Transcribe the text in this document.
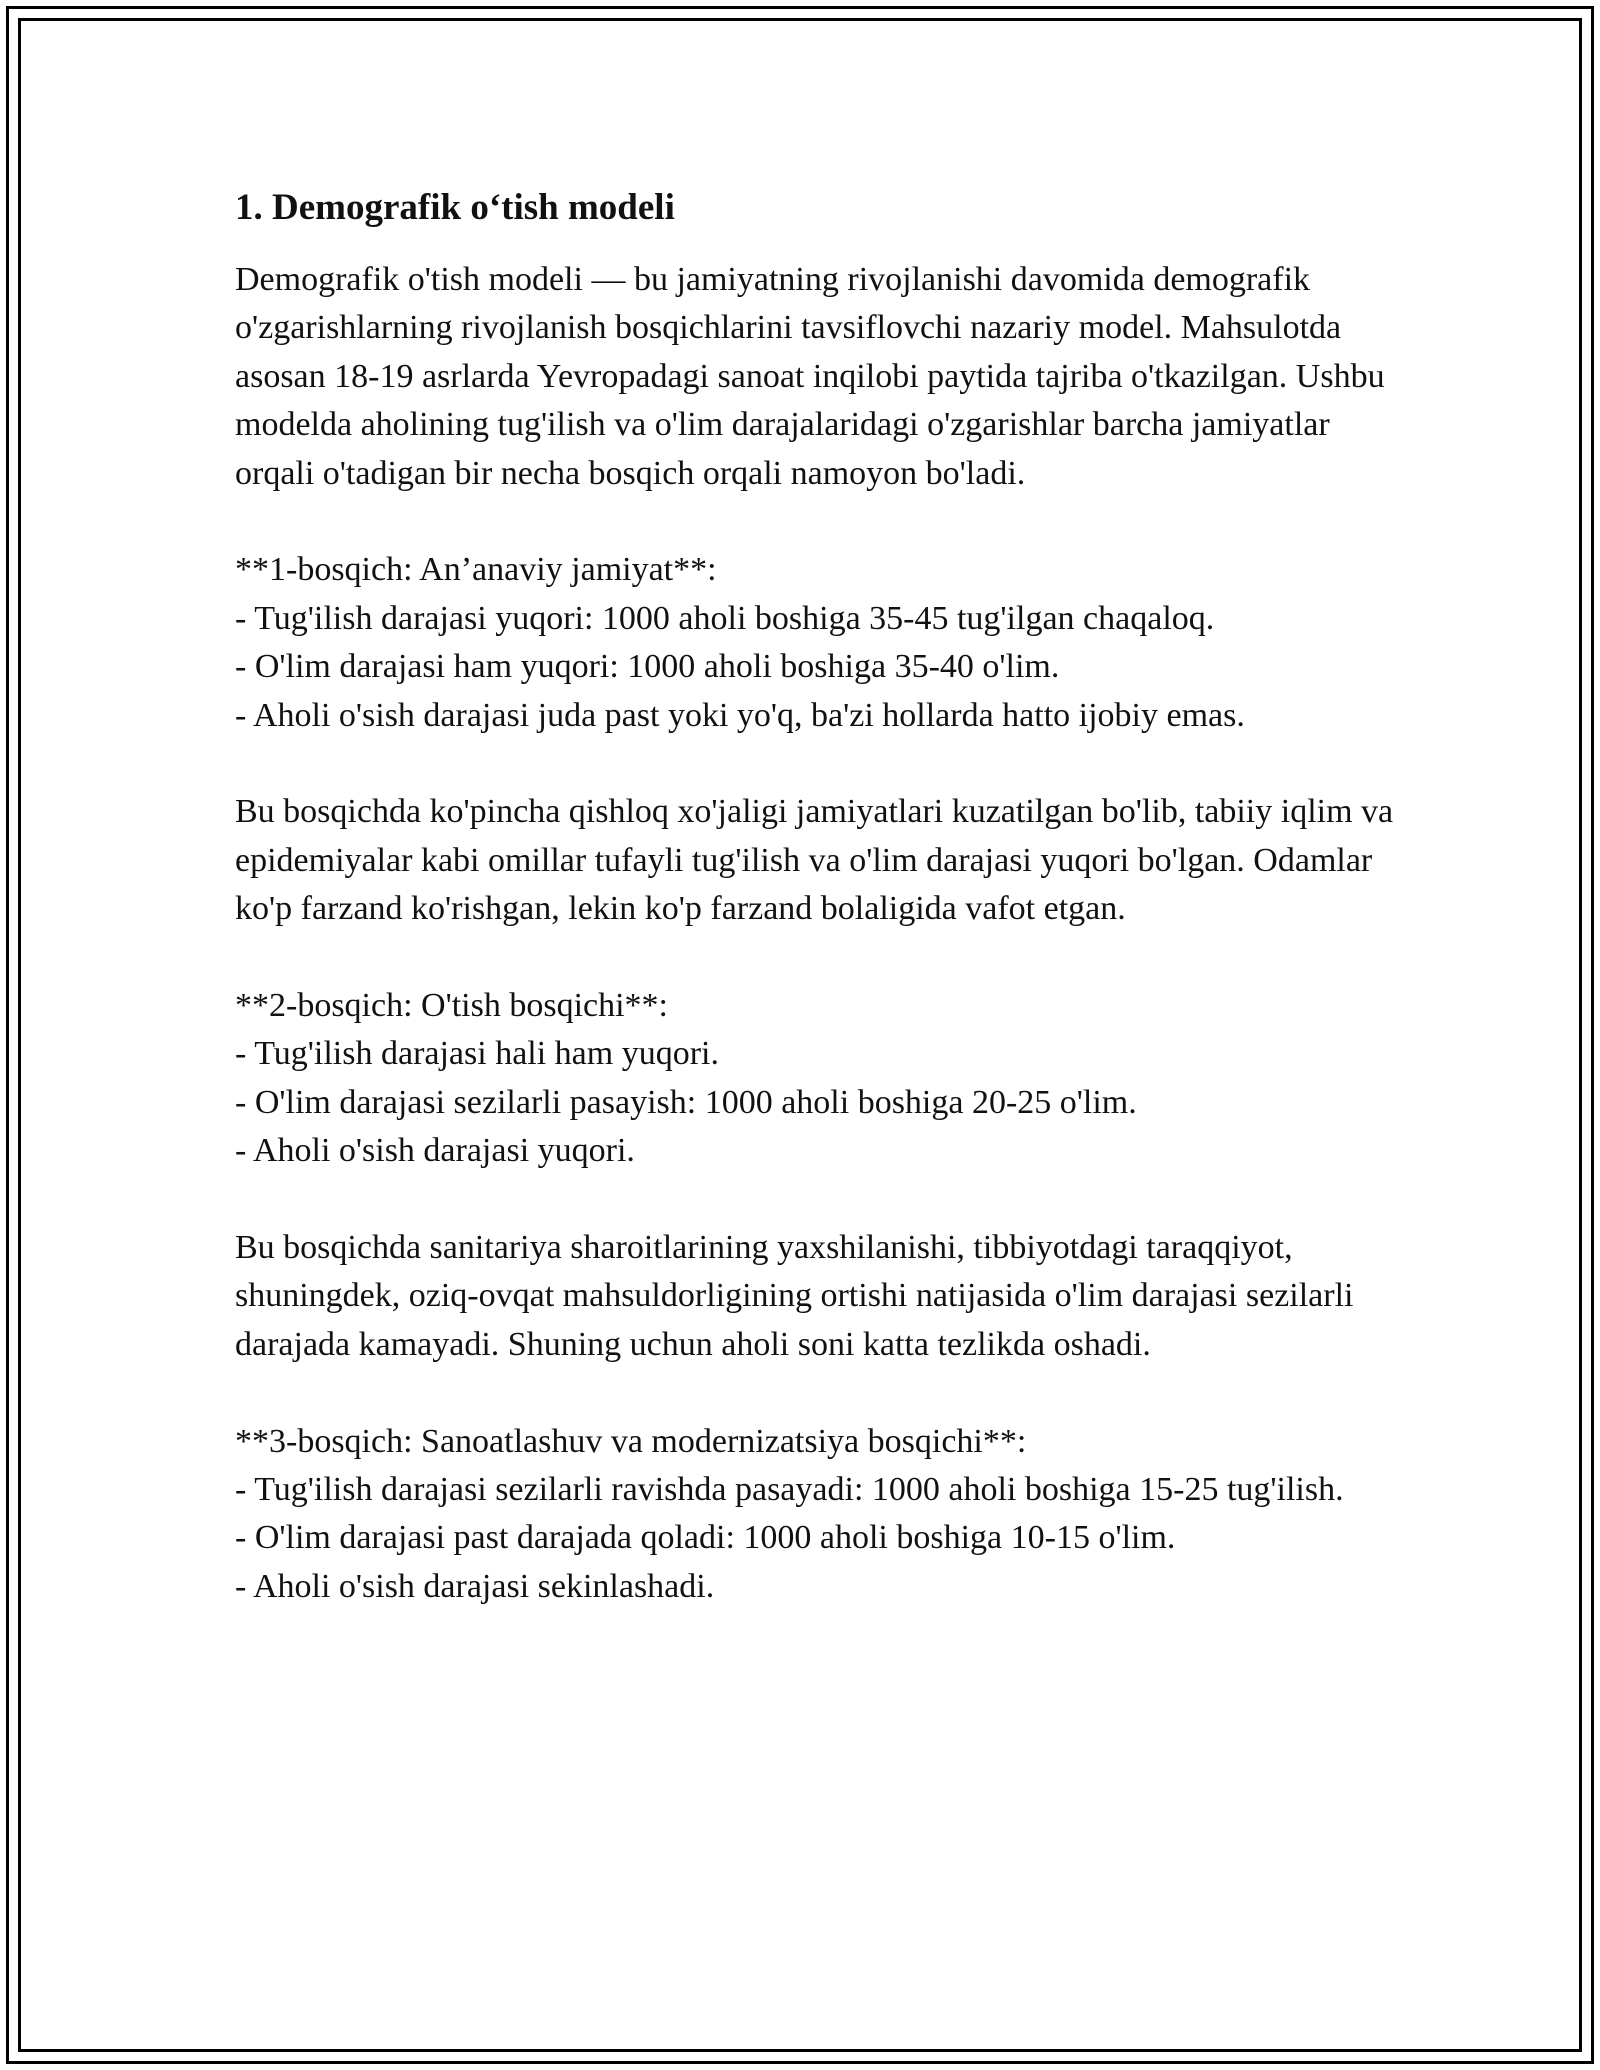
1. Demografik o‘tish modeli

Demografik o'tish modeli — bu jamiyatning rivojlanishi davomida demografik o'zgarishlarning rivojlanish bosqichlarini tavsiflovchi nazariy model. Mahsulotda asosan 18-19 asrlarda Yevropadagi sanoat inqilobi paytida tajriba o'tkazilgan. Ushbu modelda aholining tug'ilish va o'lim darajalaridagi o'zgarishlar barcha jamiyatlar orqali o'tadigan bir necha bosqich orqali namoyon bo'ladi.

**1-bosqich: An’anaviy jamiyat**:

- Tug'ilish darajasi yuqori: 1000 aholi boshiga 35-45 tug'ilgan chaqaloq.

- O'lim darajasi ham yuqori: 1000 aholi boshiga 35-40 o'lim.

- Aholi o'sish darajasi juda past yoki yo'q, ba'zi hollarda hatto ijobiy emas.

Bu bosqichda ko'pincha qishloq xo'jaligi jamiyatlari kuzatilgan bo'lib, tabiiy iqlim va epidemiyalar kabi omillar tufayli tug'ilish va o'lim darajasi yuqori bo'lgan. Odamlar ko'p farzand ko'rishgan, lekin ko'p farzand bolaligida vafot etgan.

**2-bosqich: O'tish bosqichi**:

- Tug'ilish darajasi hali ham yuqori.

- O'lim darajasi sezilarli pasayish: 1000 aholi boshiga 20-25 o'lim.

- Aholi o'sish darajasi yuqori.

Bu bosqichda sanitariya sharoitlarining yaxshilanishi, tibbiyotdagi taraqqiyot, shuningdek, oziq-ovqat mahsuldorligining ortishi natijasida o'lim darajasi sezilarli darajada kamayadi. Shuning uchun aholi soni katta tezlikda oshadi.

**3-bosqich: Sanoatlashuv va modernizatsiya bosqichi**:

- Tug'ilish darajasi sezilarli ravishda pasayadi: 1000 aholi boshiga 15-25 tug'ilish.

- O'lim darajasi past darajada qoladi: 1000 aholi boshiga 10-15 o'lim.

- Aholi o'sish darajasi sekinlashadi.
